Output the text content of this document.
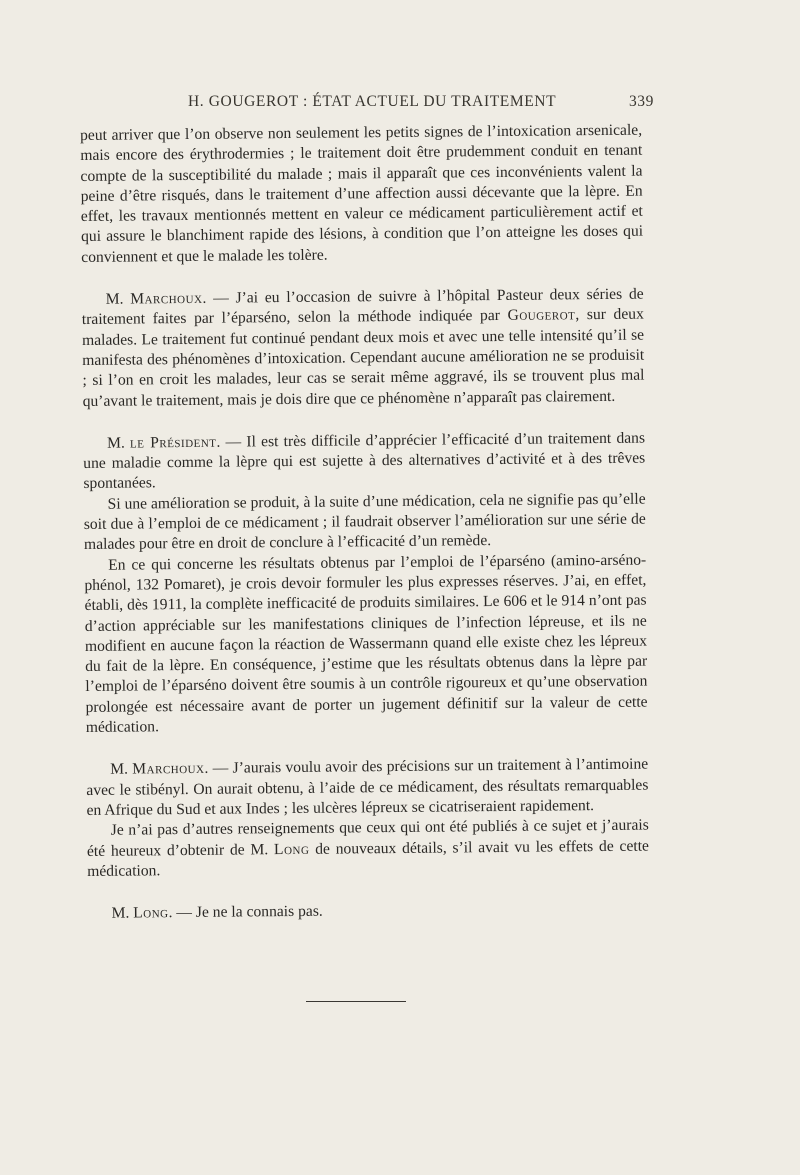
H. GOUGEROT : ÉTAT ACTUEL DU TRAITEMENT	339

peut arriver que l’on observe non seulement les petits signes de l’intoxication arsenicale, mais encore des érythrodermies ; le traitement doit être prudemment conduit en tenant compte de la susceptibilité du malade ; mais il apparaît que ces inconvénients valent la peine d’être risqués, dans le traitement d’une affection aussi décevante que la lèpre. En effet, les travaux mentionnés mettent en valeur ce médicament particulièrement actif et qui assure le blanchiment rapide des lésions, à condition que l’on atteigne les doses qui conviennent et que le malade les tolère.

M. Marchoux. — J’ai eu l’occasion de suivre à l’hôpital Pasteur deux séries de traitement faites par l’éparséno, selon la méthode indiquée par Gougerot, sur deux malades. Le traitement fut continué pendant deux mois et avec une telle intensité qu’il se manifesta des phénomènes d’intoxication. Cependant aucune amélioration ne se produisit ; si l’on en croit les malades, leur cas se serait même aggravé, ils se trouvent plus mal qu’avant le traitement, mais je dois dire que ce phénomène n’apparaît pas clairement.

M. le Président. — Il est très difficile d’apprécier l’efficacité d’un traitement dans une maladie comme la lèpre qui est sujette à des alternatives d’activité et à des trêves spontanées.

Si une amélioration se produit, à la suite d’une médication, cela ne signifie pas qu’elle soit due à l’emploi de ce médicament ; il faudrait observer l’amélioration sur une série de malades pour être en droit de conclure à l’efficacité d’un remède.

En ce qui concerne les résultats obtenus par l’emploi de l’éparséno (amino-arséno-phénol, 132 Pomaret), je crois devoir formuler les plus expresses réserves. J’ai, en effet, établi, dès 1911, la complète inefficacité de produits similaires. Le 606 et le 914 n’ont pas d’action appréciable sur les manifestations cliniques de l’infection lépreuse, et ils ne modifient en aucune façon la réaction de Wassermann quand elle existe chez les lépreux du fait de la lèpre. En conséquence, j’estime que les résultats obtenus dans la lèpre par l’emploi de l’éparséno doivent être soumis à un contrôle rigoureux et qu’une observation prolongée est nécessaire avant de porter un jugement définitif sur la valeur de cette médication.

M. Marchoux. — J’aurais voulu avoir des précisions sur un traitement à l’antimoine avec le stibényl. On aurait obtenu, à l’aide de ce médicament, des résultats remarquables en Afrique du Sud et aux Indes ; les ulcères lépreux se cicatriseraient rapidement.

Je n’ai pas d’autres renseignements que ceux qui ont été publiés à ce sujet et j’aurais été heureux d’obtenir de M. Long de nouveaux détails, s’il avait vu les effets de cette médication.

M. Long. — Je ne la connais pas.
